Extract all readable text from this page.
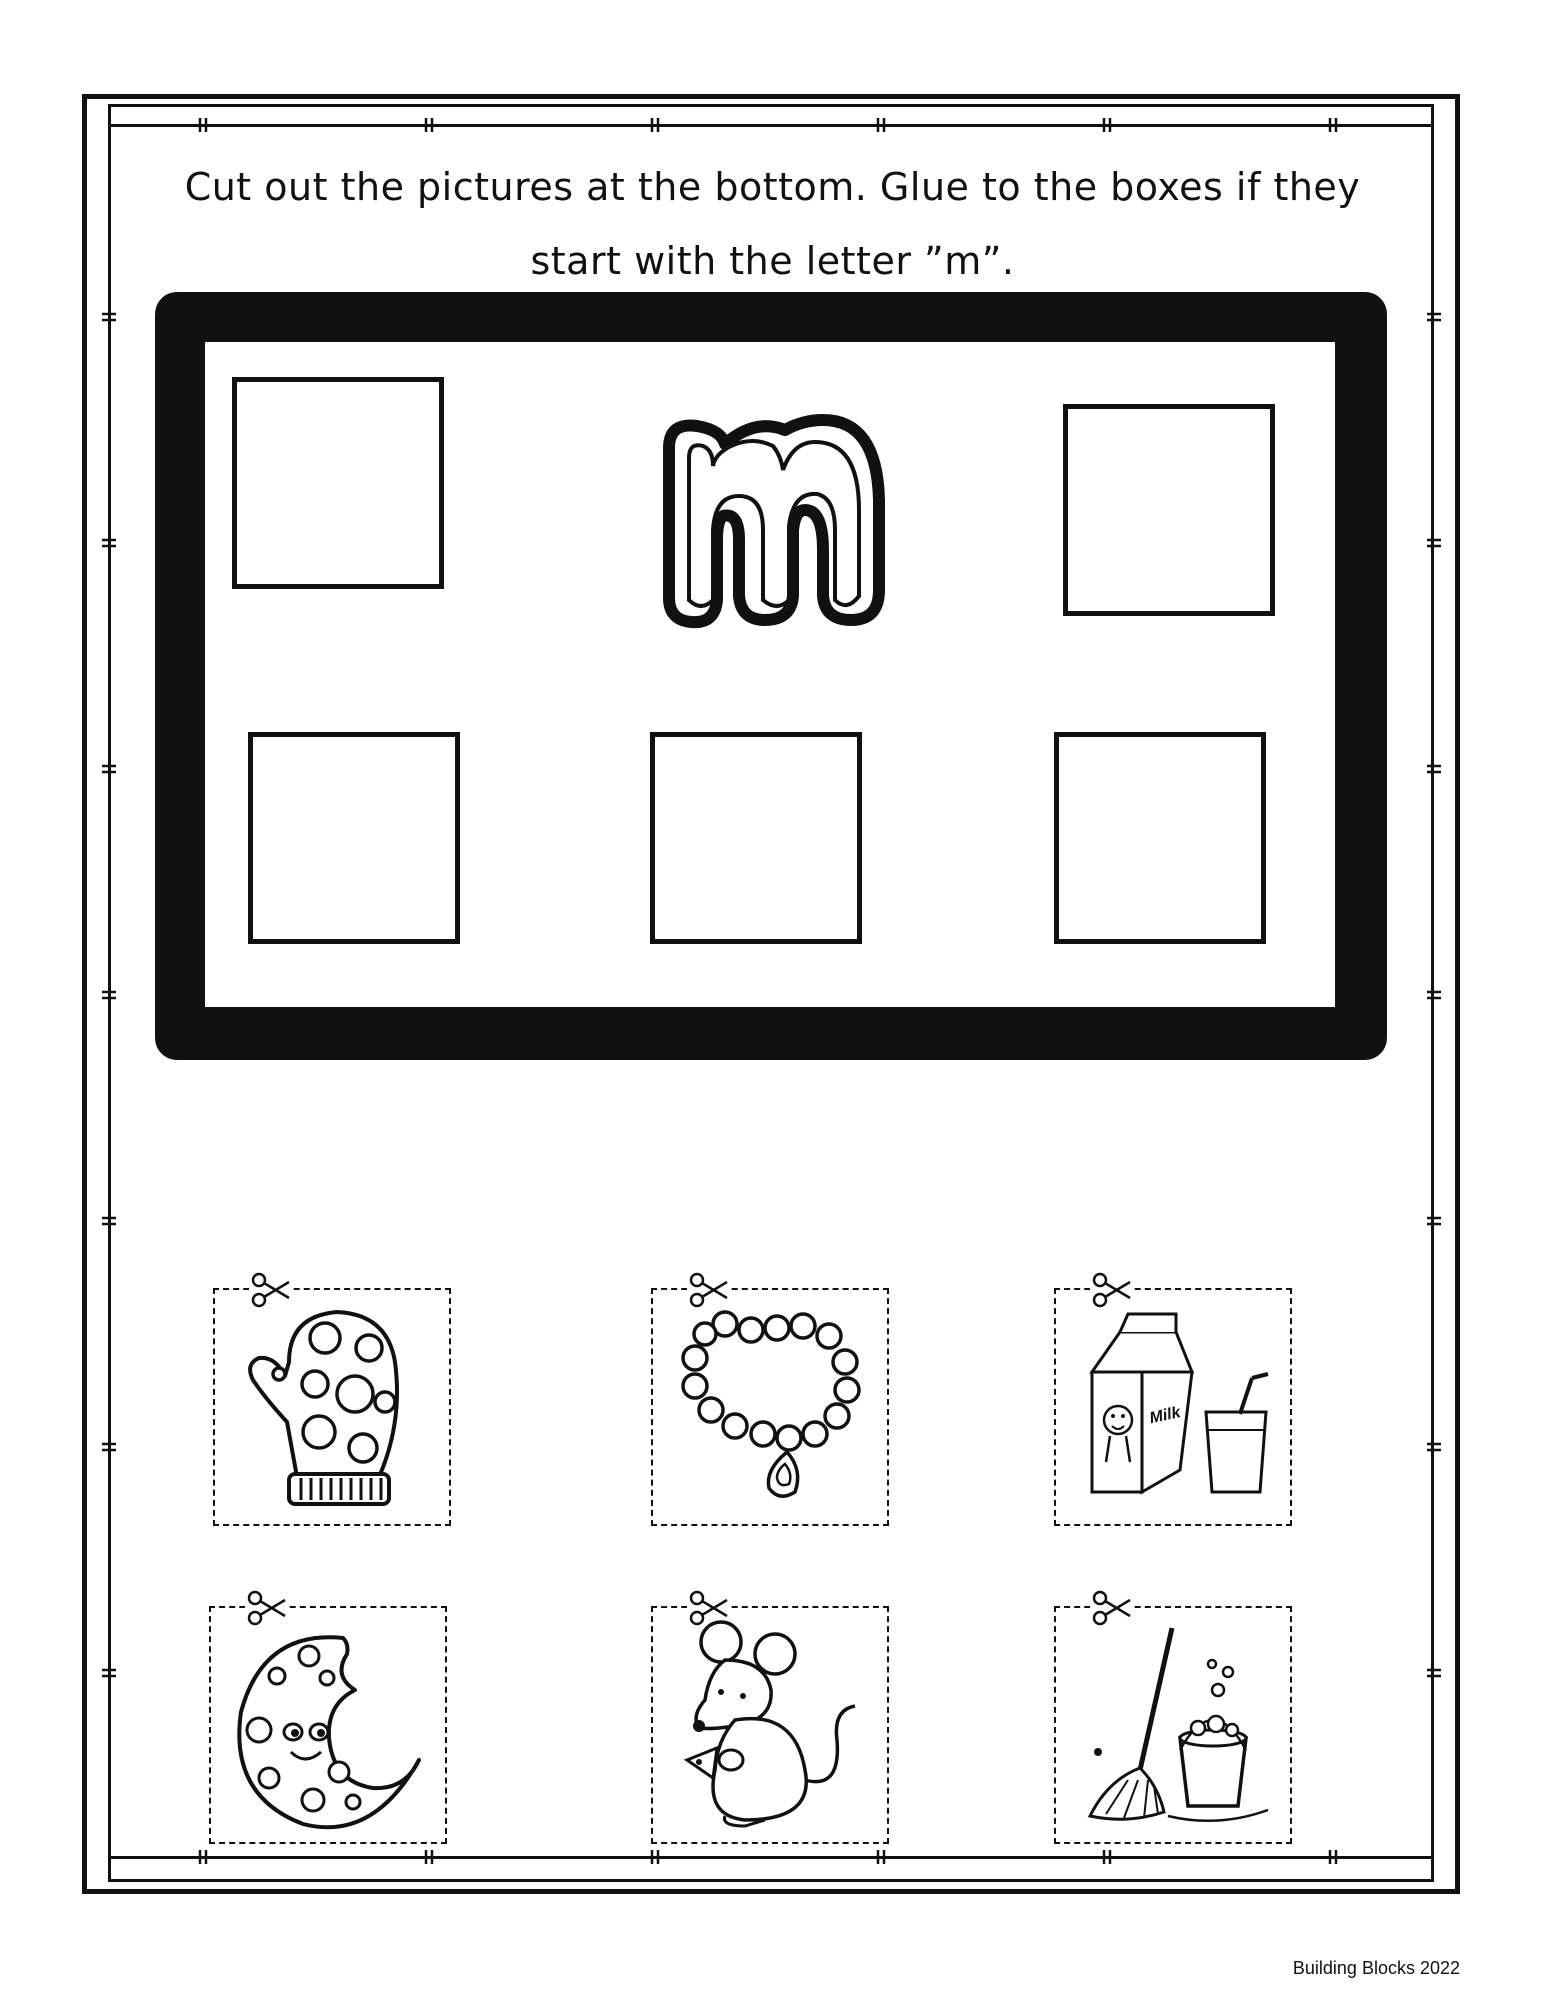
Cut out the pictures at the bottom. Glue to the boxes if they
start with the letter ”m”.

Milk
Building Blocks 2022
